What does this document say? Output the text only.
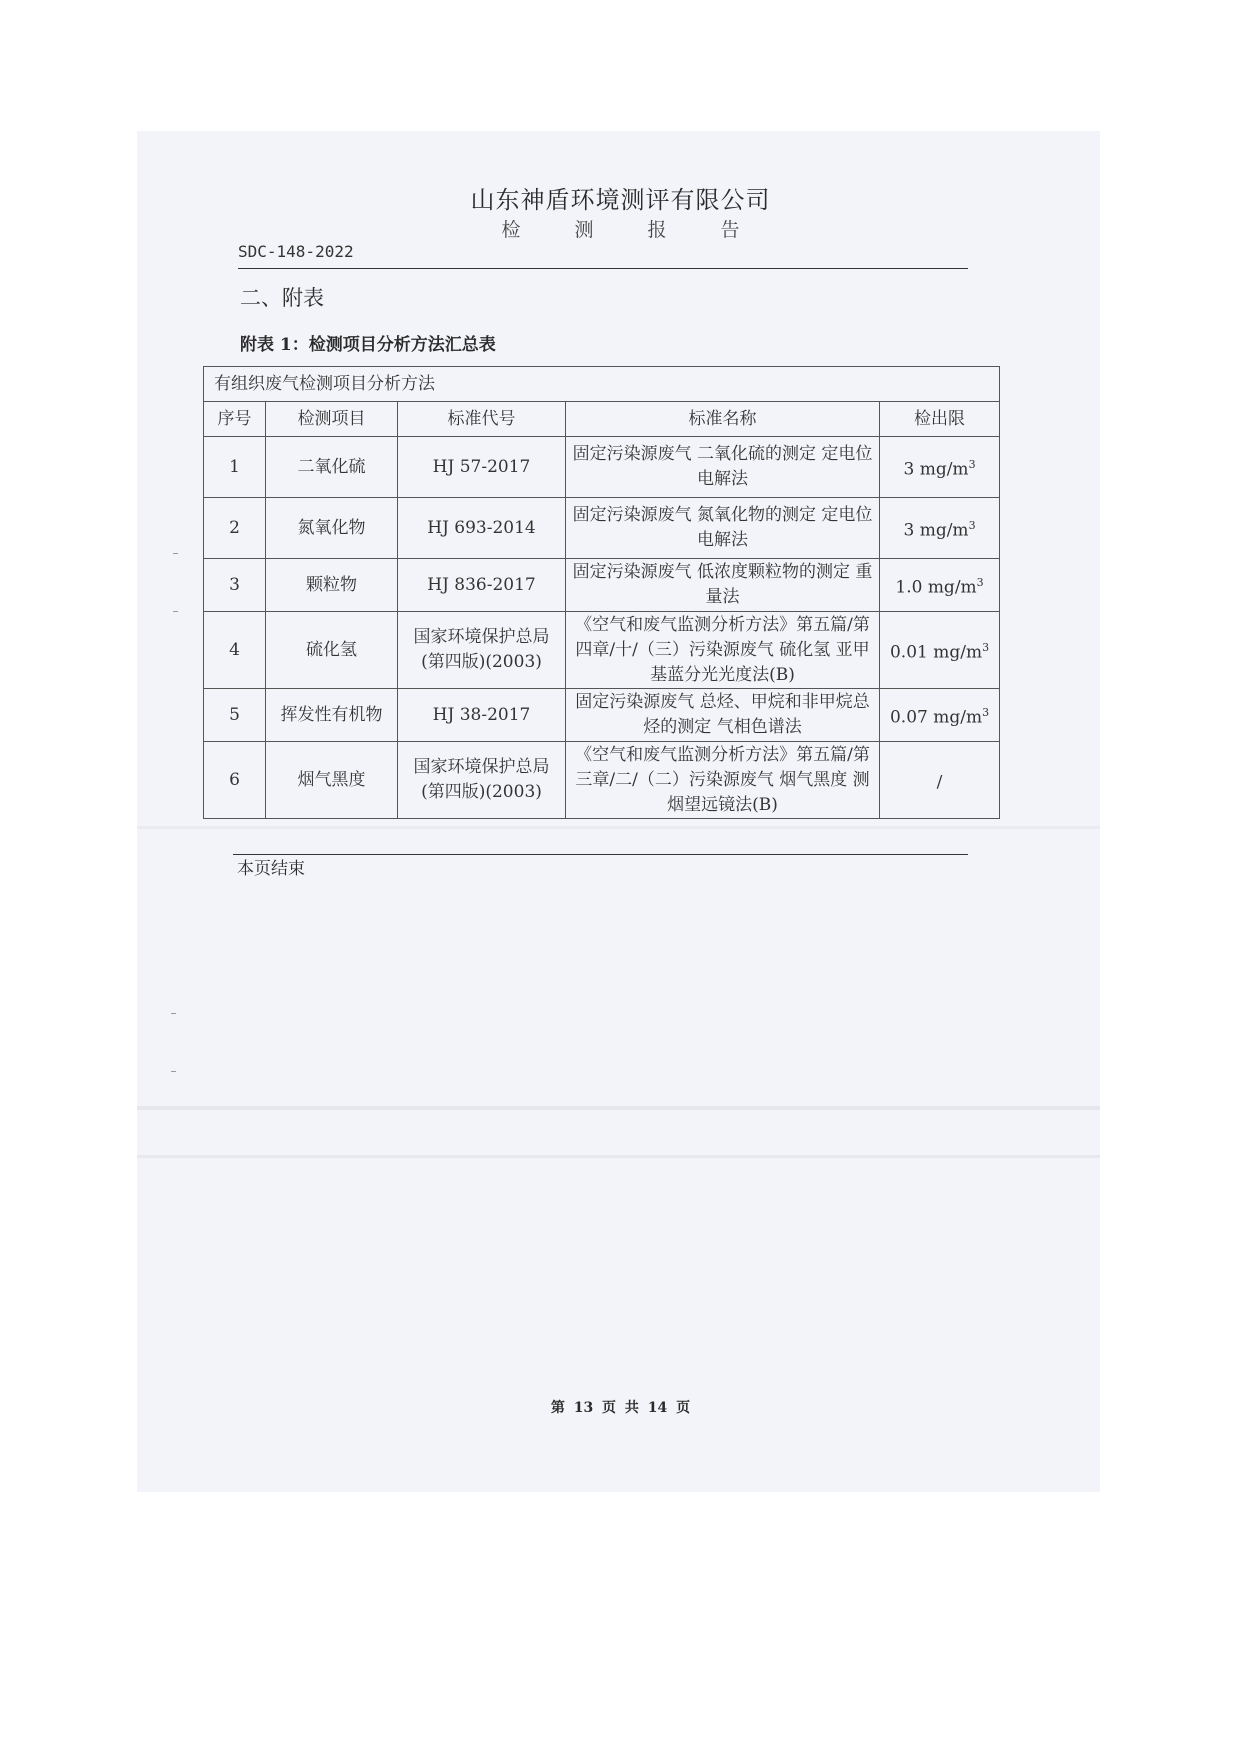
山东神盾环境测评有限公司
检 测 报 告
SDC-148-2022
二、附表
附表 1：检测项目分析方法汇总表
有组织废气检测项目分析方法				
序号	检测项目	标准代号	标准名称	检出限
1	二氧化硫	HJ 57-2017	固定污染源废气 二氧化硫的测定 定电位电解法	3 $mg/m^3$
2	氮氧化物	HJ 693-2014	固定污染源废气 氮氧化物的测定 定电位电解法	3 $mg/m^3$
3	颗粒物	HJ 836-2017	固定污染源废气 低浓度颗粒物的测定 重量法	1.0 $mg/m^3$
4	硫化氢	国家环境保护总局 (第四版)(2003)	《空气和废气监测分析方法》第五篇/第四章/十/（三）污染源废气 硫化氢 亚甲基蓝分光光度法(B)	0.01 $mg/m^3$
5	挥发性有机物	HJ 38-2017	固定污染源废气 总烃、甲烷和非甲烷总烃的测定 气相色谱法	0.07 $mg/m^3$
6	烟气黑度	国家环境保护总局 (第四版)(2003)	《空气和废气监测分析方法》第五篇/第三章/二/（二）污染源废气 烟气黑度 测烟望远镜法(B)	/
本页结束
第 13 页 共 14 页
